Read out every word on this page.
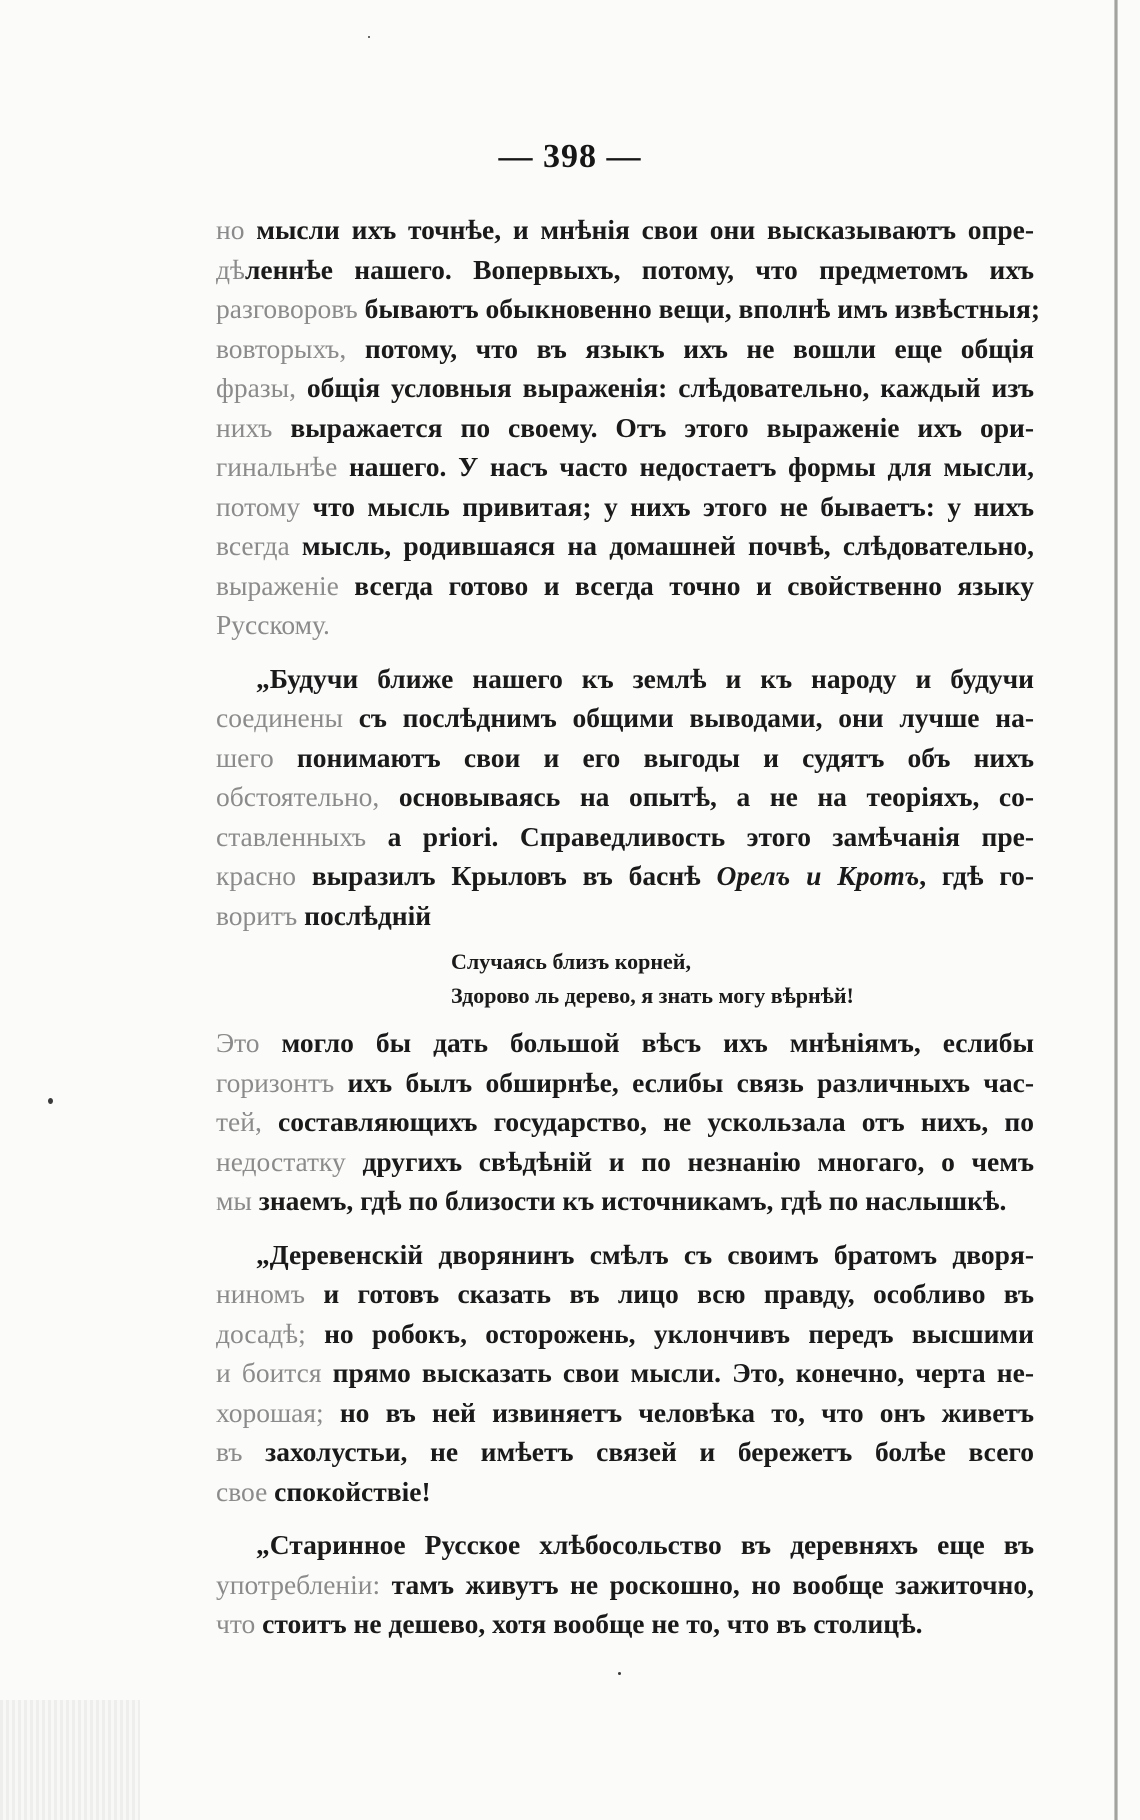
— 398 —
но мысли ихъ точнѣе, и мнѣнія свои они высказываютъ опре-
дѣленнѣе нашего. Вопервыхъ, потому, что предметомъ ихъ
разговоровъ бываютъ обыкновенно вещи, вполнѣ имъ извѣстныя;
вовторыхъ, потому, что въ языкъ ихъ не вошли еще общія
фразы, общія условныя выраженія: слѣдовательно, каждый изъ
нихъ выражается по своему. Отъ этого выраженіе ихъ ори-
гинальнѣе нашего. У насъ часто недостаетъ формы для мысли,
потому что мысль привитая; у нихъ этого не бываетъ: у нихъ
всегда мысль, родившаяся на домашней почвѣ, слѣдовательно,
выраженіе всегда готово и всегда точно и свойственно языку
Русскому.
„Будучи ближе нашего къ землѣ и къ народу и будучи
соединены съ послѣднимъ общими выводами, они лучше на-
шего понимаютъ свои и его выгоды и судятъ объ нихъ
обстоятельно, основываясь на опытѣ, а не на теоріяхъ, со-
ставленныхъ a priori. Справедливость этого замѣчанія пре-
красно выразилъ Крыловъ въ баснѣ Орелъ и Кротъ, гдѣ го-
воритъ послѣдній
Случаясь близъ корней,
Здорово ль дерево, я знать могу вѣрнѣй!
Это могло бы дать большой вѣсъ ихъ мнѣніямъ, еслибы
горизонтъ ихъ былъ обширнѣе, еслибы связь различныхъ час-
тей, составляющихъ государство, не ускользала отъ нихъ, по
недостатку другихъ свѣдѣній и по незнанію многаго, о чемъ
мы знаемъ, гдѣ по близости къ источникамъ, гдѣ по наслышкѣ.
„Деревенскій дворянинъ смѣлъ съ своимъ братомъ дворя-
ниномъ и готовъ сказать въ лицо всю правду, особливо въ
досадѣ; но робокъ, осторожень, уклончивъ передъ высшими
и боится прямо высказать свои мысли. Это, конечно, черта не-
хорошая; но въ ней извиняетъ человѣка то, что онъ живетъ
въ захолустьи, не имѣетъ связей и бережетъ болѣе всего
свое спокойствіе!
„Старинное Русское хлѣбосольство въ деревняхъ еще въ
употребленіи: тамъ живутъ не роскошно, но вообще зажиточно,
что стоитъ не дешево, хотя вообще не то, что въ столицѣ.
